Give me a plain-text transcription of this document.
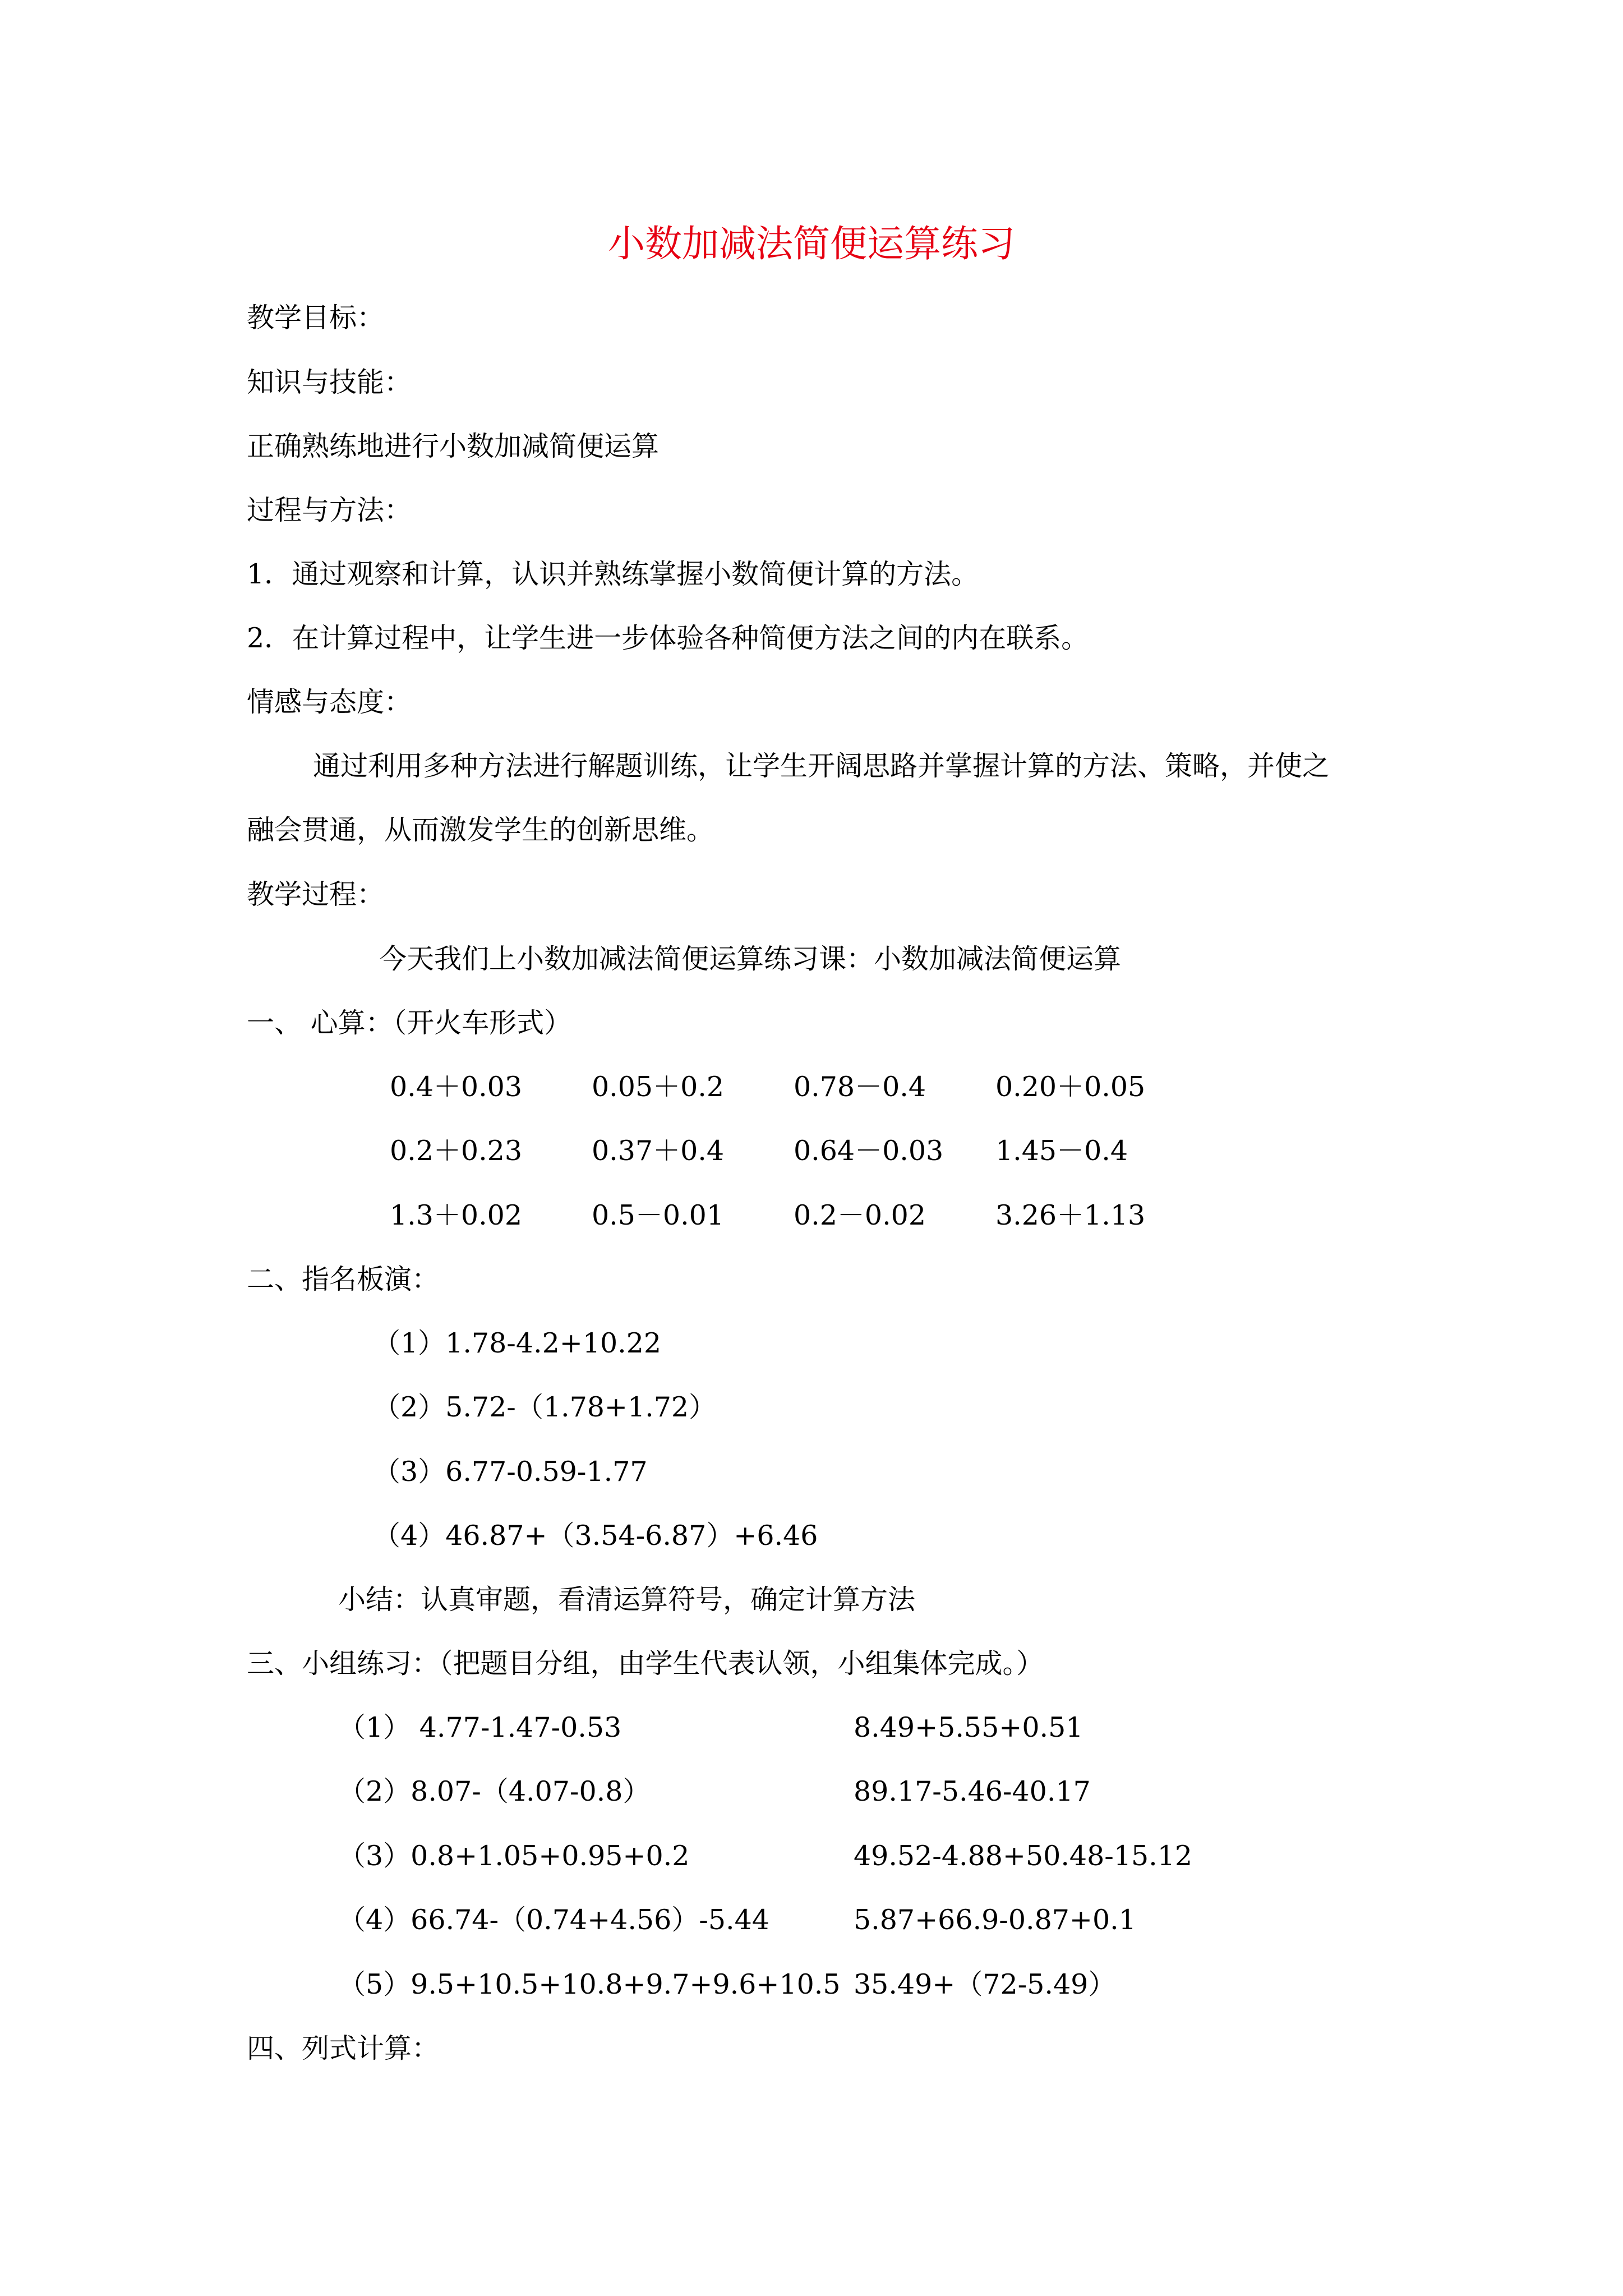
小数加减法简便运算练习
教学目标：
知识与技能：
正确熟练地进行小数加减简便运算
过程与方法：
1．通过观察和计算，认识并熟练掌握小数简便计算的方法。
2．在计算过程中，让学生进一步体验各种简便方法之间的内在联系。
情感与态度：
通过利用多种方法进行解题训练，让学生开阔思路并掌握计算的方法、策略，并使之
融会贯通，从而激发学生的创新思维。
教学过程：
今天我们上小数加减法简便运算练习课：小数加减法简便运算
一、 心算：（开火车形式）
0.4＋0.03	0.05＋0.2	0.78－0.4	0.20＋0.05
0.2＋0.23	0.37＋0.4	0.64－0.03 1.45－0.4
1.3＋0.02	0.5－0.01	0.2－0.02	3.26＋1.13
二、指名板演：
（1）1.78-4.2+10.22
（2）5.72-（1.78+1.72）
（3）6.77-0.59-1.77
（4）46.87+（3.54-6.87）+6.46
小结：认真审题，看清运算符号，确定计算方法
三、小组练习：（把题目分组，由学生代表认领，小组集体完成。）
（1） 4.77-1.47-0.53	8.49+5.55+0.51
（2）8.07-（4.07-0.8）	89.17-5.46-40.17
（3）0.8+1.05+0.95+0.2	49.52-4.88+50.48-15.12
（4）66.74-（0.74+4.56）-5.44	5.87+66.9-0.87+0.1
（5）9.5+10.5+10.8+9.7+9.6+10.5 35.49+（72-5.49）
四、列式计算：
